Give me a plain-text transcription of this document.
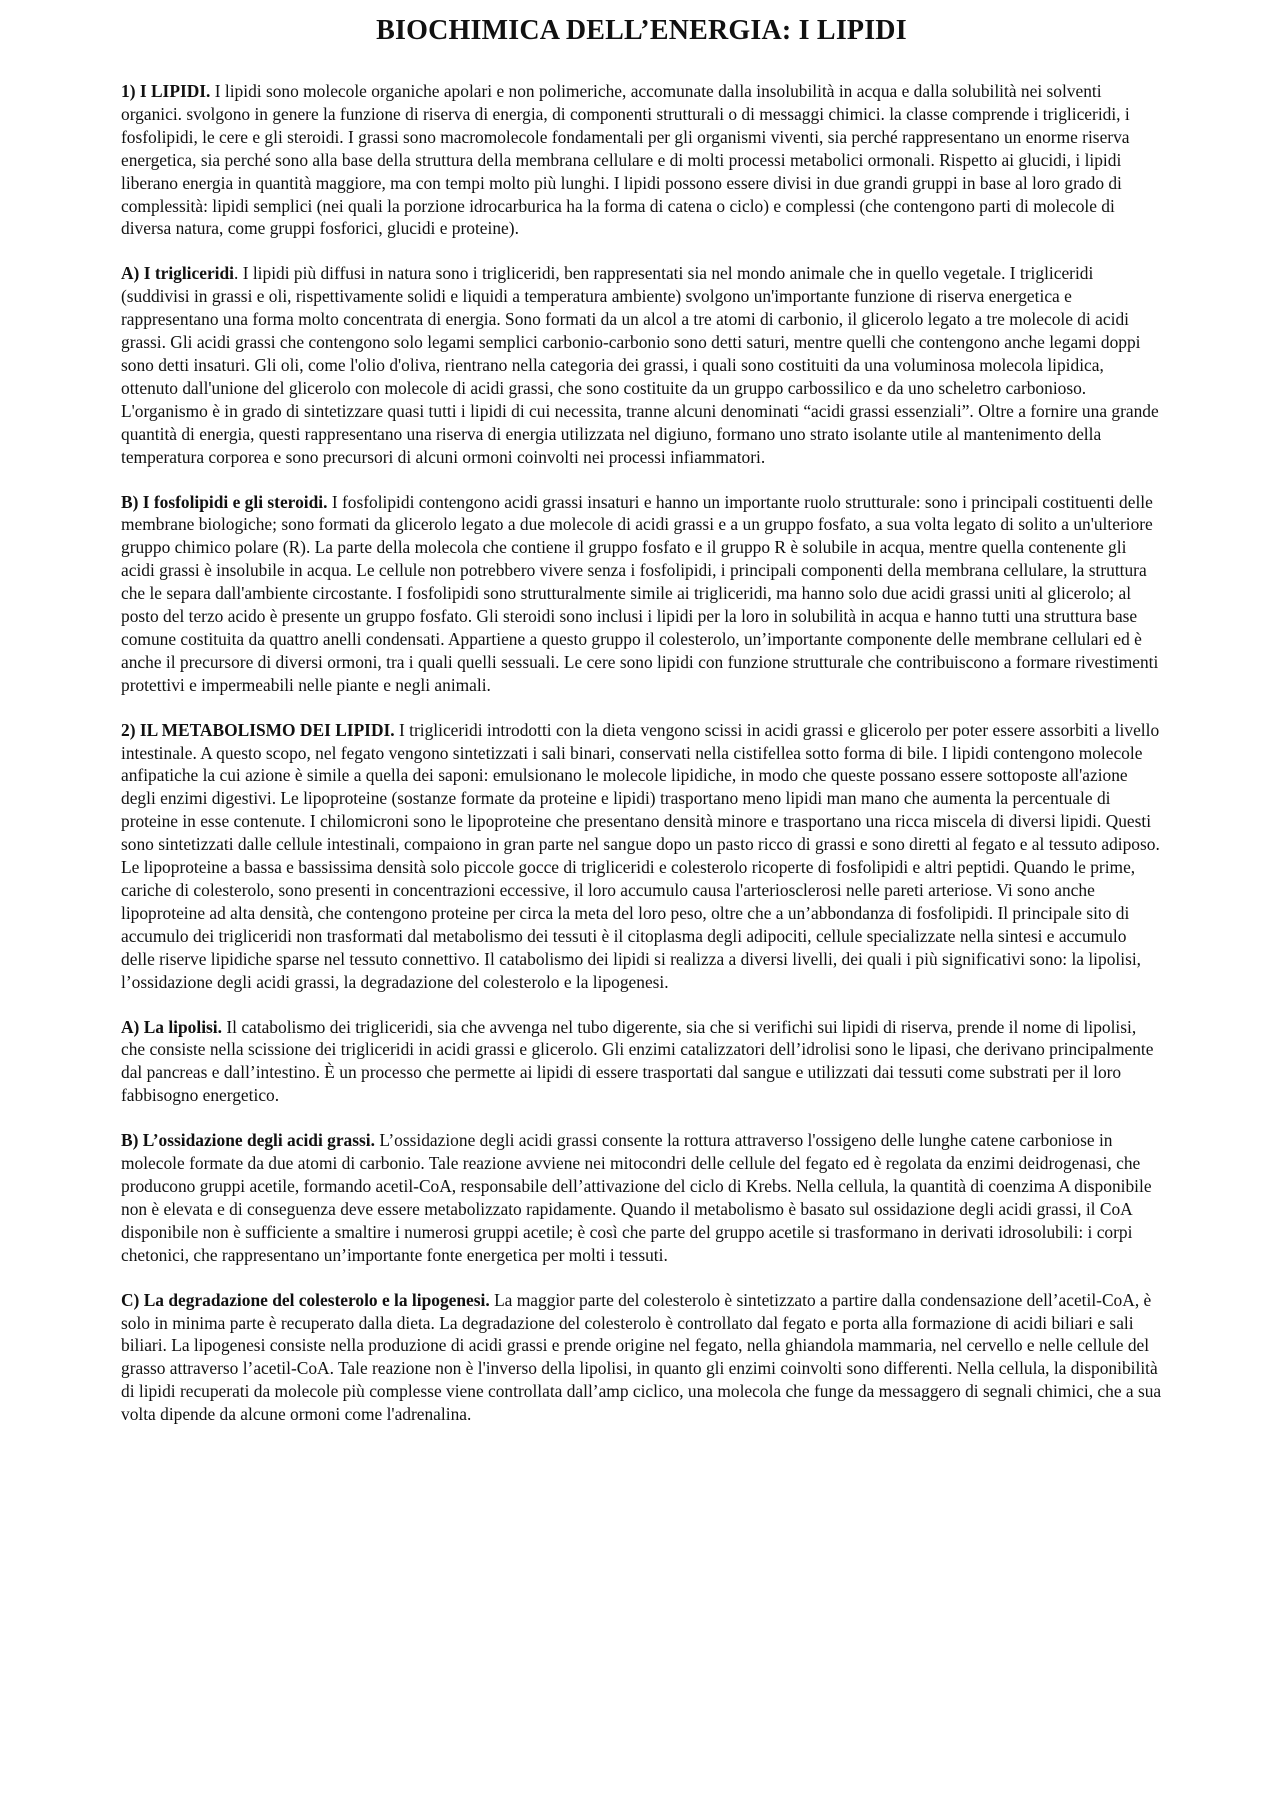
BIOCHIMICA DELL’ENERGIA: I LIPIDI

1) I LIPIDI. I lipidi sono molecole organiche apolari e non polimeriche, accomunate dalla insolubilità in acqua e dalla solubilità nei solventi organici. svolgono in genere la funzione di riserva di energia, di componenti strutturali o di messaggi chimici. la classe comprende i trigliceridi, i fosfolipidi, le cere e gli steroidi. I grassi sono macromolecole fondamentali per gli organismi viventi, sia perché rappresentano un enorme riserva energetica, sia perché sono alla base della struttura della membrana cellulare e di molti processi metabolici ormonali. Rispetto ai glucidi, i lipidi liberano energia in quantità maggiore, ma con tempi molto più lunghi. I lipidi possono essere divisi in due grandi gruppi in base al loro grado di complessità: lipidi semplici (nei quali la porzione idrocarburica ha la forma di catena o ciclo) e complessi (che contengono parti di molecole di diversa natura, come gruppi fosforici, glucidi e proteine).

A) I trigliceridi. I lipidi più diffusi in natura sono i trigliceridi, ben rappresentati sia nel mondo animale che in quello vegetale. I trigliceridi (suddivisi in grassi e oli, rispettivamente solidi e liquidi a temperatura ambiente) svolgono un'importante funzione di riserva energetica e rappresentano una forma molto concentrata di energia. Sono formati da un alcol a tre atomi di carbonio, il glicerolo legato a tre molecole di acidi grassi. Gli acidi grassi che contengono solo legami semplici carbonio-carbonio sono detti saturi, mentre quelli che contengono anche legami doppi sono detti insaturi. Gli oli, come l'olio d'oliva, rientrano nella categoria dei grassi, i quali sono costituiti da una voluminosa molecola lipidica, ottenuto dall'unione del glicerolo con molecole di acidi grassi, che sono costituite da un gruppo carbossilico e da uno scheletro carbonioso. L'organismo è in grado di sintetizzare quasi tutti i lipidi di cui necessita, tranne alcuni denominati “acidi grassi essenziali”. Oltre a fornire una grande quantità di energia, questi rappresentano una riserva di energia utilizzata nel digiuno, formano uno strato isolante utile al mantenimento della temperatura corporea e sono precursori di alcuni ormoni coinvolti nei processi infiammatori.

B) I fosfolipidi e gli steroidi. I fosfolipidi contengono acidi grassi insaturi e hanno un importante ruolo strutturale: sono i principali costituenti delle membrane biologiche; sono formati da glicerolo legato a due molecole di acidi grassi e a un gruppo fosfato, a sua volta legato di solito a un'ulteriore gruppo chimico polare (R). La parte della molecola che contiene il gruppo fosfato e il gruppo R è solubile in acqua, mentre quella contenente gli acidi grassi è insolubile in acqua. Le cellule non potrebbero vivere senza i fosfolipidi, i principali componenti della membrana cellulare, la struttura che le separa dall'ambiente circostante. I fosfolipidi sono strutturalmente simile ai trigliceridi, ma hanno solo due acidi grassi uniti al glicerolo; al posto del terzo acido è presente un gruppo fosfato. Gli steroidi sono inclusi i lipidi per la loro in solubilità in acqua e hanno tutti una struttura base comune costituita da quattro anelli condensati. Appartiene a questo gruppo il colesterolo, un’importante componente delle membrane cellulari ed è anche il precursore di diversi ormoni, tra i quali quelli sessuali. Le cere sono lipidi con funzione strutturale che contribuiscono a formare rivestimenti protettivi e impermeabili nelle piante e negli animali.

2) IL METABOLISMO DEI LIPIDI. I trigliceridi introdotti con la dieta vengono scissi in acidi grassi e glicerolo per poter essere assorbiti a livello intestinale. A questo scopo, nel fegato vengono sintetizzati i sali binari, conservati nella cistifellea sotto forma di bile. I lipidi contengono molecole anfipatiche la cui azione è simile a quella dei saponi: emulsionano le molecole lipidiche, in modo che queste possano essere sottoposte all'azione degli enzimi digestivi. Le lipoproteine (sostanze formate da proteine e lipidi) trasportano meno lipidi man mano che aumenta la percentuale di proteine in esse contenute. I chilomicroni sono le lipoproteine che presentano densità minore e trasportano una ricca miscela di diversi lipidi. Questi sono sintetizzati dalle cellule intestinali, compaiono in gran parte nel sangue dopo un pasto ricco di grassi e sono diretti al fegato e al tessuto adiposo. Le lipoproteine a bassa e bassissima densità solo piccole gocce di trigliceridi e colesterolo ricoperte di fosfolipidi e altri peptidi. Quando le prime, cariche di colesterolo, sono presenti in concentrazioni eccessive, il loro accumulo causa l'arteriosclerosi nelle pareti arteriose. Vi sono anche lipoproteine ad alta densità, che contengono proteine per circa la meta del loro peso, oltre che a un’abbondanza di fosfolipidi. Il principale sito di accumulo dei trigliceridi non trasformati dal metabolismo dei tessuti è il citoplasma degli adipociti, cellule specializzate nella sintesi e accumulo delle riserve lipidiche sparse nel tessuto connettivo. Il catabolismo dei lipidi si realizza a diversi livelli, dei quali i più significativi sono: la lipolisi, l’ossidazione degli acidi grassi, la degradazione del colesterolo e la lipogenesi.

A) La lipolisi. Il catabolismo dei trigliceridi, sia che avvenga nel tubo digerente, sia che si verifichi sui lipidi di riserva, prende il nome di lipolisi, che consiste nella scissione dei trigliceridi in acidi grassi e glicerolo. Gli enzimi catalizzatori dell’idrolisi sono le lipasi, che derivano principalmente dal pancreas e dall’intestino. È un processo che permette ai lipidi di essere trasportati dal sangue e utilizzati dai tessuti come substrati per il loro fabbisogno energetico.

B) L’ossidazione degli acidi grassi. L’ossidazione degli acidi grassi consente la rottura attraverso l'ossigeno delle lunghe catene carboniose in molecole formate da due atomi di carbonio. Tale reazione avviene nei mitocondri delle cellule del fegato ed è regolata da enzimi deidrogenasi, che producono gruppi acetile, formando acetil-CoA, responsabile dell’attivazione del ciclo di Krebs. Nella cellula, la quantità di coenzima A disponibile non è elevata e di conseguenza deve essere metabolizzato rapidamente. Quando il metabolismo è basato sul ossidazione degli acidi grassi, il CoA disponibile non è sufficiente a smaltire i numerosi gruppi acetile; è così che parte del gruppo acetile si trasformano in derivati idrosolubili: i corpi chetonici, che rappresentano un’importante fonte energetica per molti i tessuti.

C) La degradazione del colesterolo e la lipogenesi. La maggior parte del colesterolo è sintetizzato a partire dalla condensazione dell’acetil-CoA, è solo in minima parte è recuperato dalla dieta. La degradazione del colesterolo è controllato dal fegato e porta alla formazione di acidi biliari e sali biliari. La lipogenesi consiste nella produzione di acidi grassi e prende origine nel fegato, nella ghiandola mammaria, nel cervello e nelle cellule del grasso attraverso l’acetil-CoA. Tale reazione non è l'inverso della lipolisi, in quanto gli enzimi coinvolti sono differenti. Nella cellula, la disponibilità di lipidi recuperati da molecole più complesse viene controllata dall’amp ciclico, una molecola che funge da messaggero di segnali chimici, che a sua volta dipende da alcune ormoni come l'adrenalina.
